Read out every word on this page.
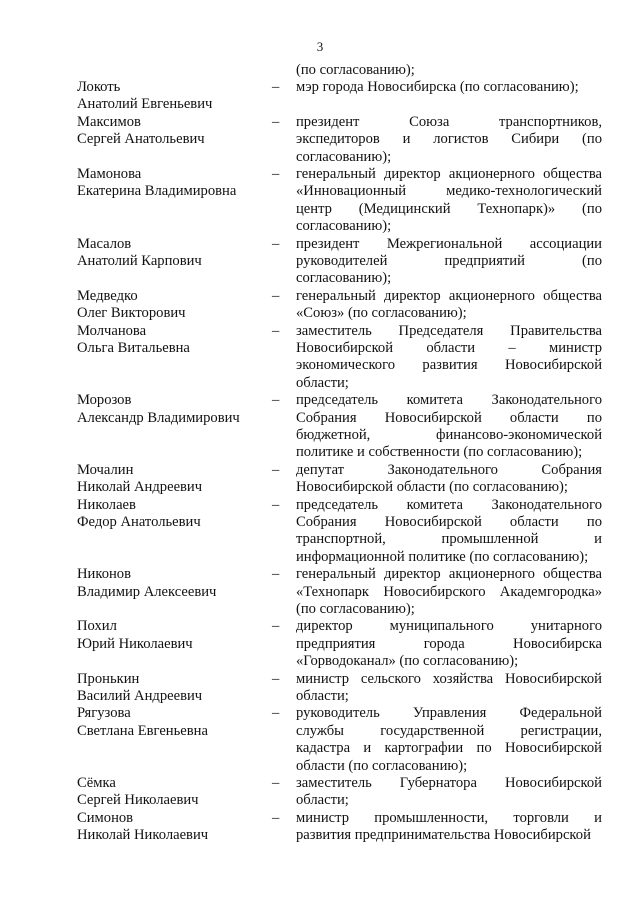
3
(по согласованию);
Локоть
Анатолий Евгеньевич
– мэр города Новосибирска (по согласованию);
Максимов
Сергей Анатольевич
– президент Союза транспортников,
экспедиторов и логистов Сибири (по
согласованию);
Мамонова
Екатерина Владимировна
– генеральный директор акционерного общества
«Инновационный медико-технологический
центр (Медицинский Технопарк)» (по
согласованию);
Масалов
Анатолий Карпович
– президент Межрегиональной ассоциации
руководителей предприятий (по
согласованию);
Медведко
Олег Викторович
– генеральный директор акционерного общества
«Союз» (по согласованию);
Молчанова
Ольга Витальевна
– заместитель Председателя Правительства
Новосибирской области – министр
экономического развития Новосибирской
области;
Морозов
Александр Владимирович
– председатель комитета Законодательного
Собрания Новосибирской области по
бюджетной, финансово-экономической
политике и собственности (по согласованию);
Мочалин
Николай Андреевич
– депутат Законодательного Собрания
Новосибирской области (по согласованию);
Николаев
Федор Анатольевич
– председатель комитета Законодательного
Собрания Новосибирской области по
транспортной, промышленной и
информационной политике (по согласованию);
Никонов
Владимир Алексеевич
– генеральный директор акционерного общества
«Технопарк Новосибирского Академгородка»
(по согласованию);
Похил
Юрий Николаевич
– директор муниципального унитарного
предприятия города Новосибирска
«Горводоканал» (по согласованию);
Пронькин
Василий Андреевич
– министр сельского хозяйства Новосибирской
области;
Рягузова
Светлана Евгеньевна
– руководитель Управления Федеральной
службы государственной регистрации,
кадастра и картографии по Новосибирской
области (по согласованию);
Сёмка
Сергей Николаевич
– заместитель Губернатора Новосибирской
области;
Симонов
Николай Николаевич
– министр промышленности, торговли и
развития предпринимательства Новосибирской
